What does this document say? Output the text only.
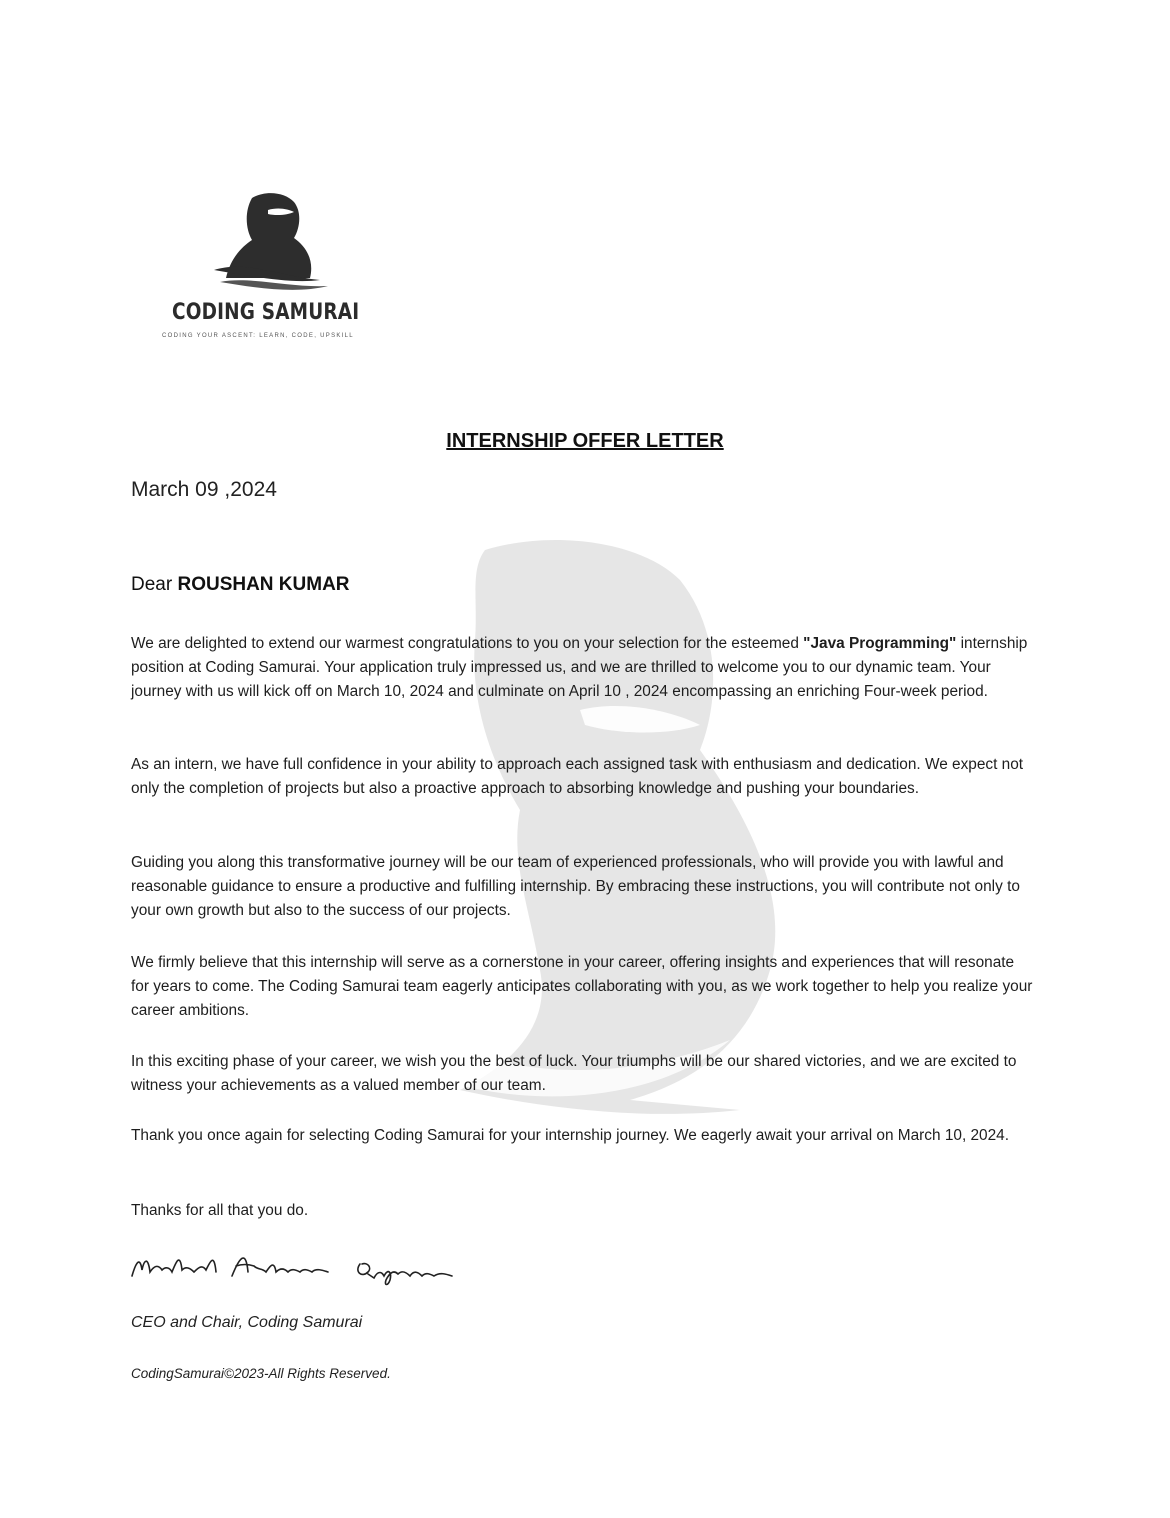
CODING SAMURAI
CODING YOUR ASCENT: LEARN, CODE, UPSKILL
INTERNSHIP OFFER LETTER
March 09 ,2024
Dear ROUSHAN KUMAR

We are delighted to extend our warmest congratulations to you on your selection for the esteemed "Java Programming" internship position at Coding Samurai. Your application truly impressed us, and we are thrilled to welcome you to our dynamic team. Your journey with us will kick off on March 10, 2024 and culminate on April 10 , 2024 encompassing an enriching Four-week period.

As an intern, we have full confidence in your ability to approach each assigned task with enthusiasm and dedication. We expect not only the completion of projects but also a proactive approach to absorbing knowledge and pushing your boundaries.

Guiding you along this transformative journey will be our team of experienced professionals, who will provide you with lawful and reasonable guidance to ensure a productive and fulfilling internship. By embracing these instructions, you will contribute not only to your own growth but also to the success of our projects.

We firmly believe that this internship will serve as a cornerstone in your career, offering insights and experiences that will resonate for years to come. The Coding Samurai team eagerly anticipates collaborating with you, as we work together to help you realize your career ambitions.

In this exciting phase of your career, we wish you the best of luck. Your triumphs will be our shared victories, and we are excited to witness your achievements as a valued member of our team.

Thank you once again for selecting Coding Samurai for your internship journey. We eagerly await your arrival on March 10, 2024.

Thanks for all that you do.
CEO and Chair, Coding Samurai
CodingSamurai©2023-All Rights Reserved.
